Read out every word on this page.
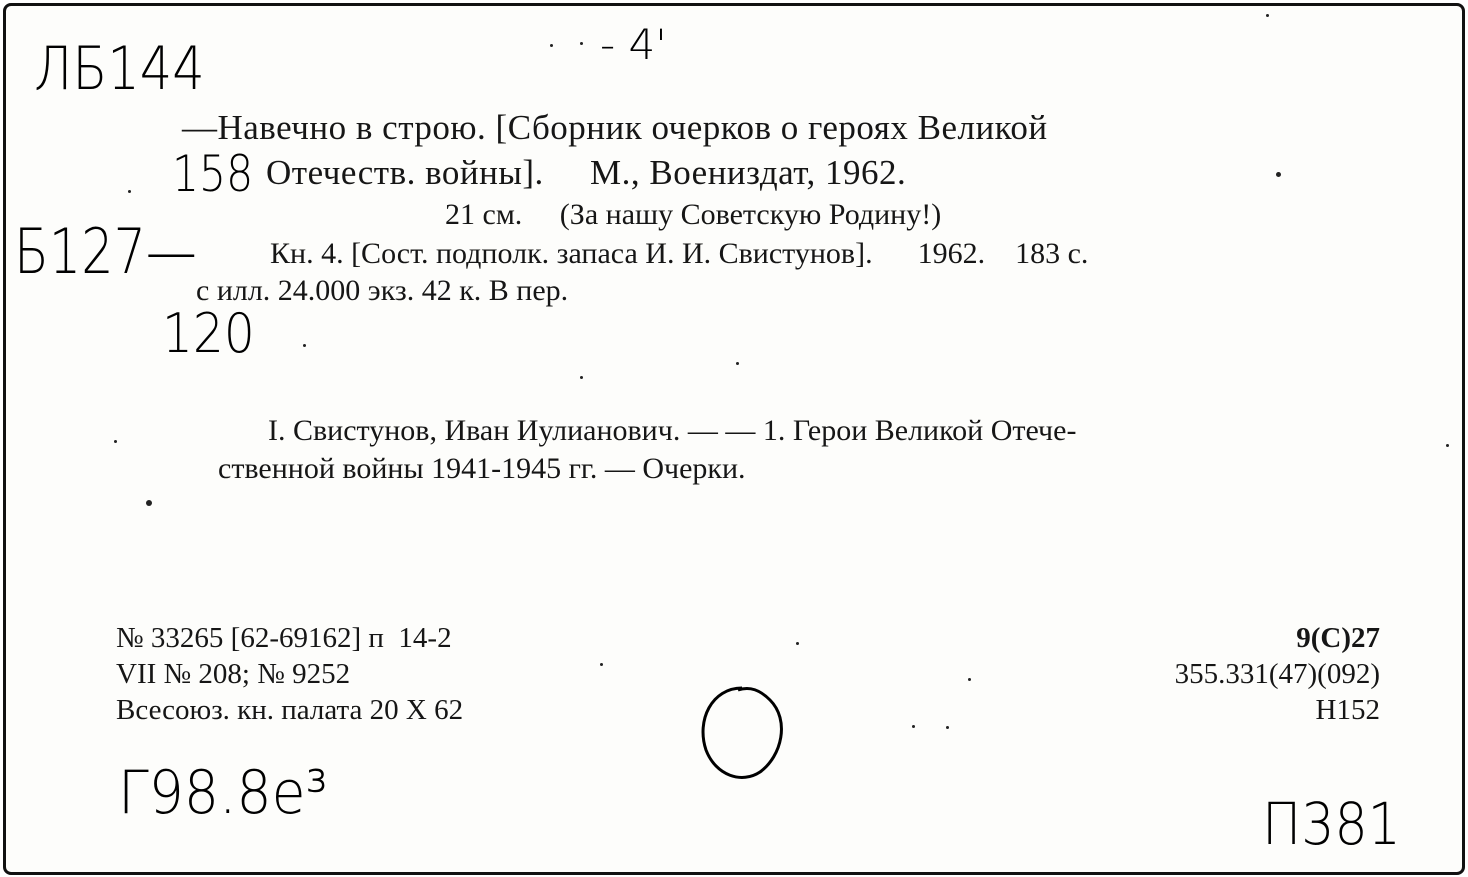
ЛБ144	- 4'
158
Б127—
120
Г98.8е³	П381
—Навечно в строю. [Сборник очерков о героях Великой
Отечеств. войны].     М., Воениздат, 1962.
21 см.     (За нашу Советскую Родину!)
Кн. 4. [Сост. подполк. запаса И. И. Свистунов].      1962.    183 с.
с илл. 24.000 экз. 42 к. В пер.
I. Свистунов, Иван Иулианович. — — 1. Герои Великой Отече-
ственной войны 1941-1945 гг. — Очерки.
№ 33265 [62-69162] п  14-2
VII № 208; № 9252
Всесоюз. кн. палата 20 X 62
9(С)27
355.331(47)(092)
Н152
